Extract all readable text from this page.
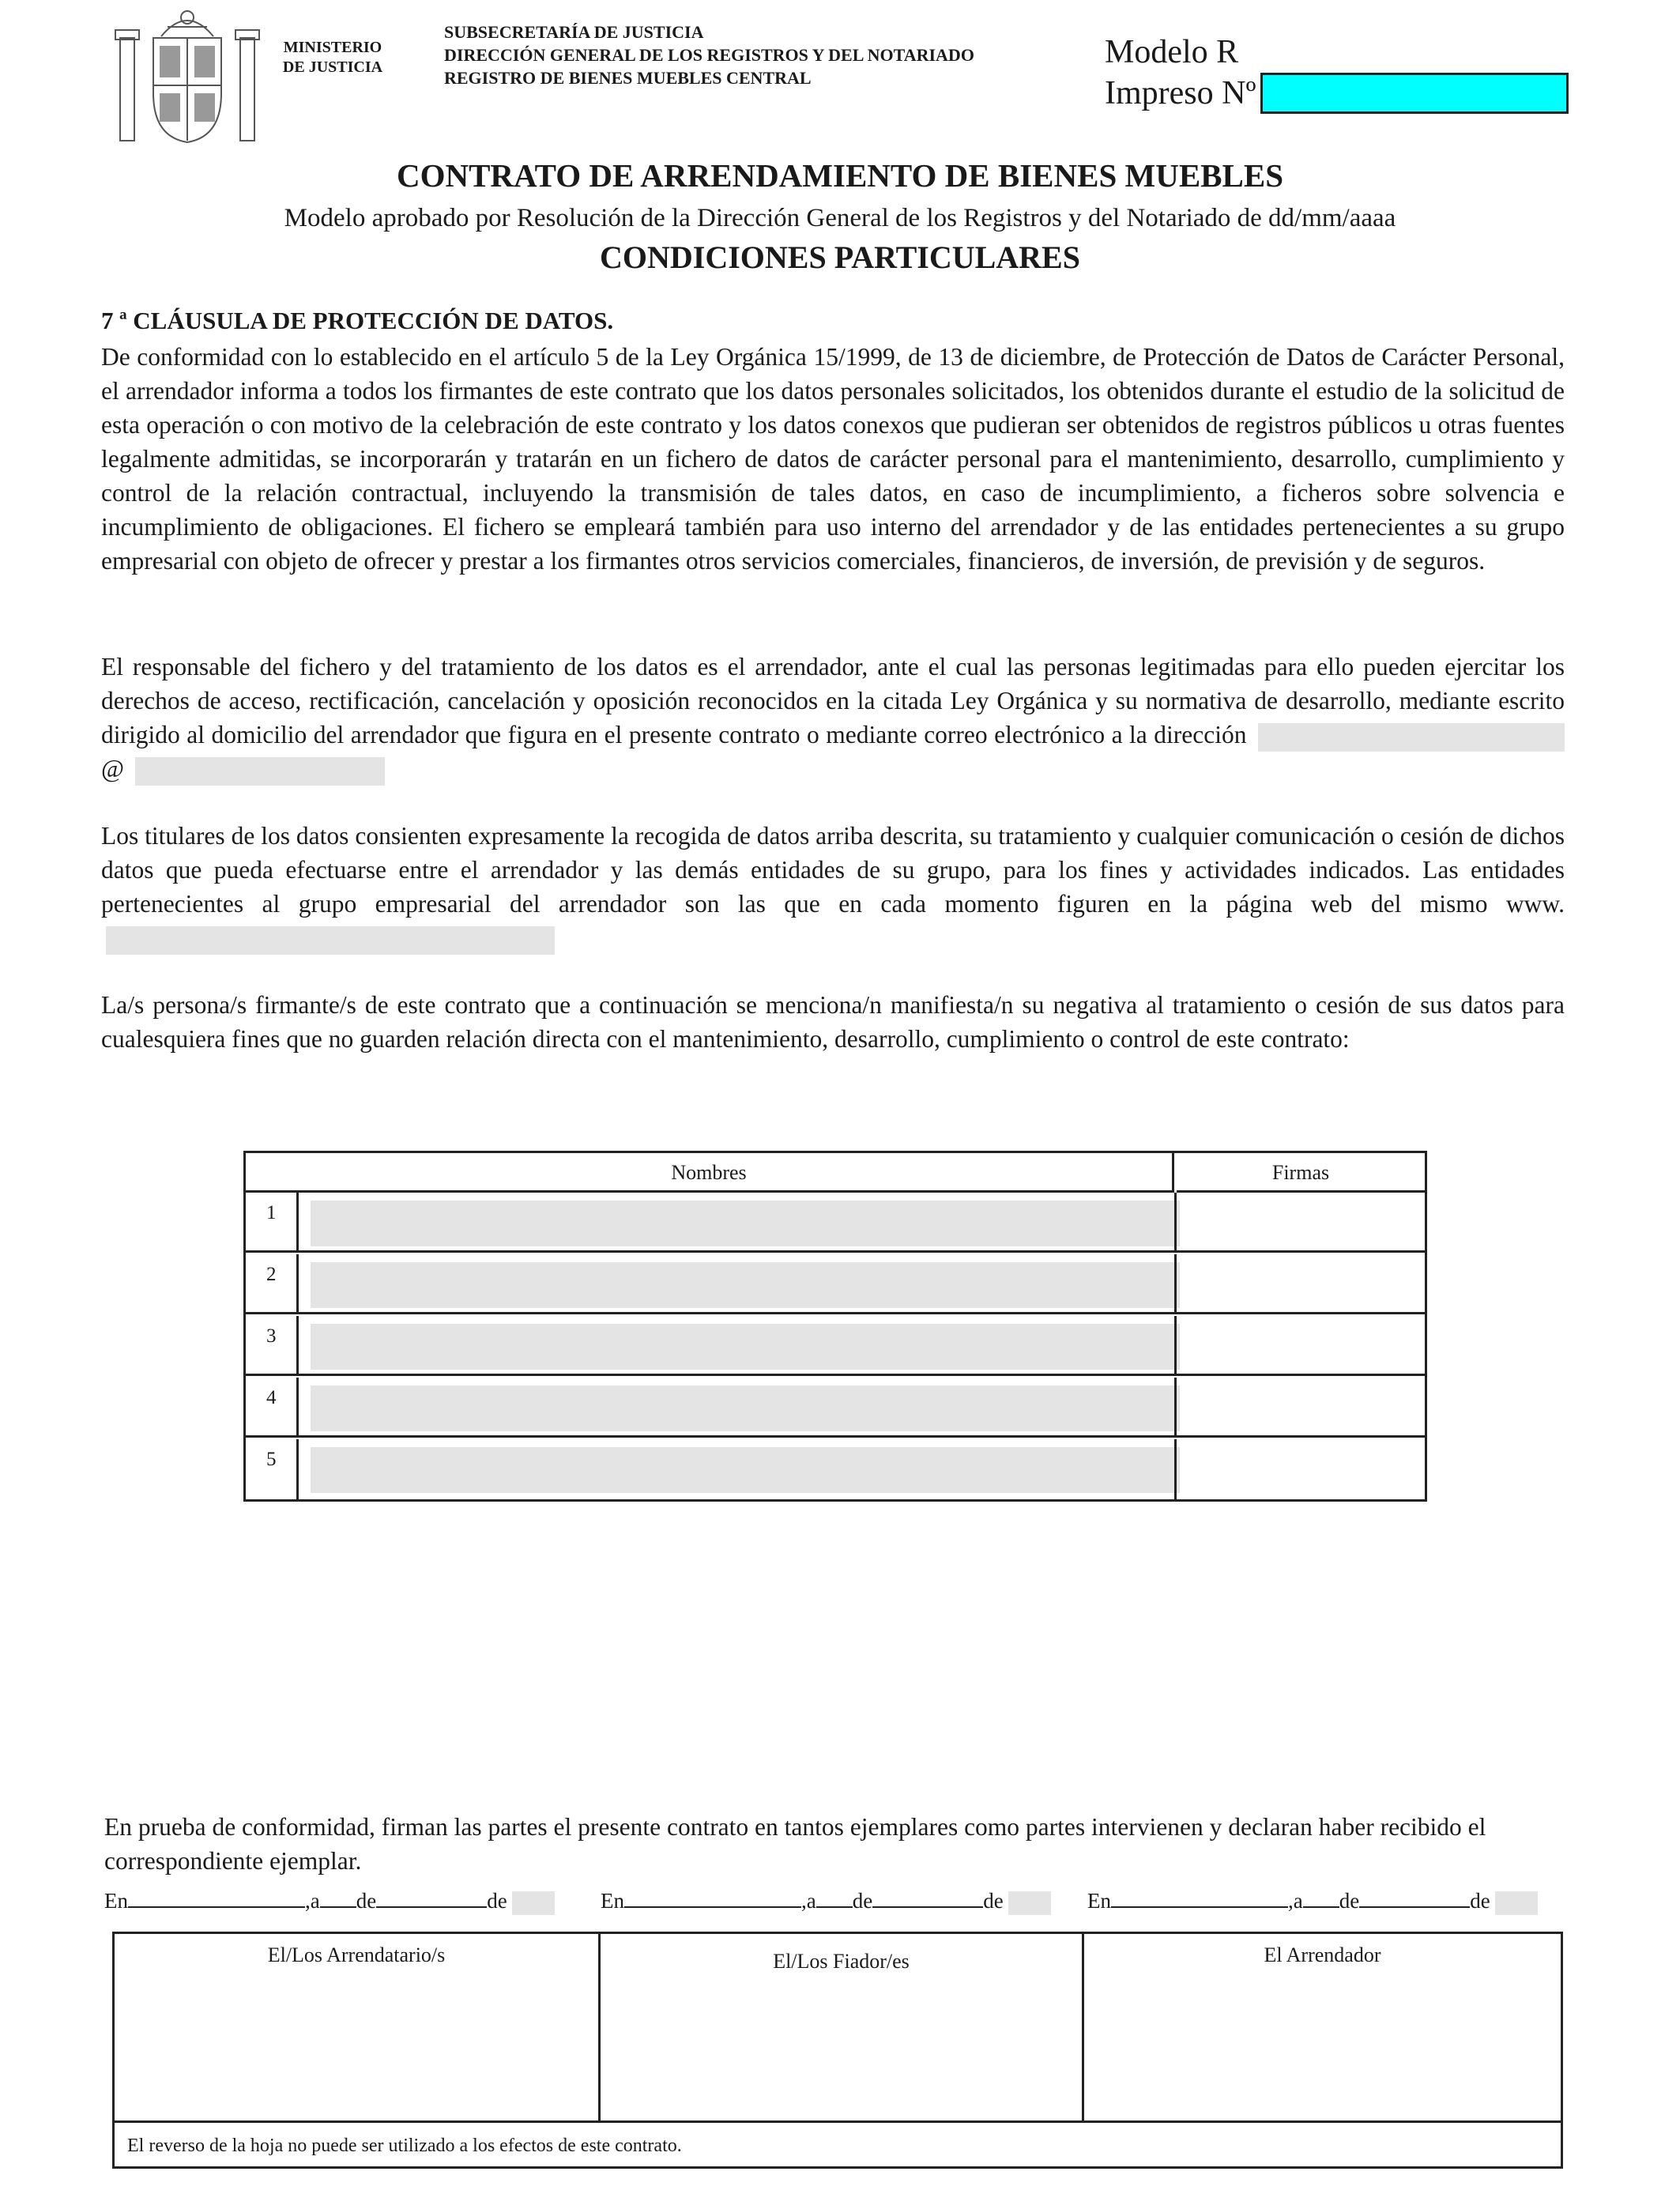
MINISTERIO
DE JUSTICIA
SUBSECRETARÍA DE JUSTICIA
DIRECCIÓN GENERAL DE LOS REGISTROS Y DEL NOTARIADO
REGISTRO DE BIENES MUEBLES CENTRAL
Modelo R
Impreso Nº
CONTRATO DE ARRENDAMIENTO DE BIENES MUEBLES
Modelo aprobado por Resolución de la Dirección General de los Registros y del Notariado de dd/mm/aaaa
CONDICIONES PARTICULARES
7 ª CLÁUSULA DE PROTECCIÓN DE DATOS.
De conformidad con lo establecido en el artículo 5 de la Ley Orgánica 15/1999, de 13 de diciembre, de Protección de Datos de Carácter Personal, el arrendador informa a todos los firmantes de este contrato que los datos personales solicitados, los obtenidos durante el estudio de la solicitud de esta operación o con motivo de la celebración de este contrato y los datos conexos que pudieran ser obtenidos de registros públicos u otras fuentes legalmente admitidas, se incorporarán y tratarán en un fichero de datos de carácter personal para el mantenimiento, desarrollo, cumplimiento y control de la relación contractual, incluyendo la transmisión de tales datos, en caso de incumplimiento, a ficheros sobre solvencia e incumplimiento de obligaciones. El fichero se empleará también para uso interno del arrendador y de las entidades pertenecientes a su grupo empresarial con objeto de ofrecer y prestar a los firmantes otros servicios comerciales, financieros, de inversión, de previsión y de seguros.
El responsable del fichero y del tratamiento de los datos es el arrendador, ante el cual las personas legitimadas para ello pueden ejercitar los derechos de acceso, rectificación, cancelación y oposición reconocidos en la citada Ley Orgánica y su normativa de desarrollo, mediante escrito dirigido al domicilio del arrendador que figura en el presente contrato o mediante correo electrónico a la dirección  @
Los titulares de los datos consienten expresamente la recogida de datos arriba descrita, su tratamiento y cualquier comunicación o cesión de dichos datos que pueda efectuarse entre el arrendador y las demás entidades de su grupo, para los fines y actividades indicados. Las entidades pertenecientes al grupo empresarial del arrendador son las que en cada momento figuren en la página web del mismo www.
La/s persona/s firmante/s de este contrato que a continuación se menciona/n manifiesta/n su negativa al tratamiento o cesión de sus datos para cualesquiera fines que no guarden relación directa con el mantenimiento, desarrollo, cumplimiento o control de este contrato:
Nombres	Firmas
1
2
3
4
5
En prueba de conformidad, firman las partes el presente contrato en tantos ejemplares como partes intervienen y declaran haber recibido el correspondiente ejemplar.
En	,a de	de	En	,a de	de	En	,a de	de
El/Los Arrendatario/s	El/Los Fiador/es	El Arrendador
El reverso de la hoja no puede ser utilizado a los efectos de este contrato.
